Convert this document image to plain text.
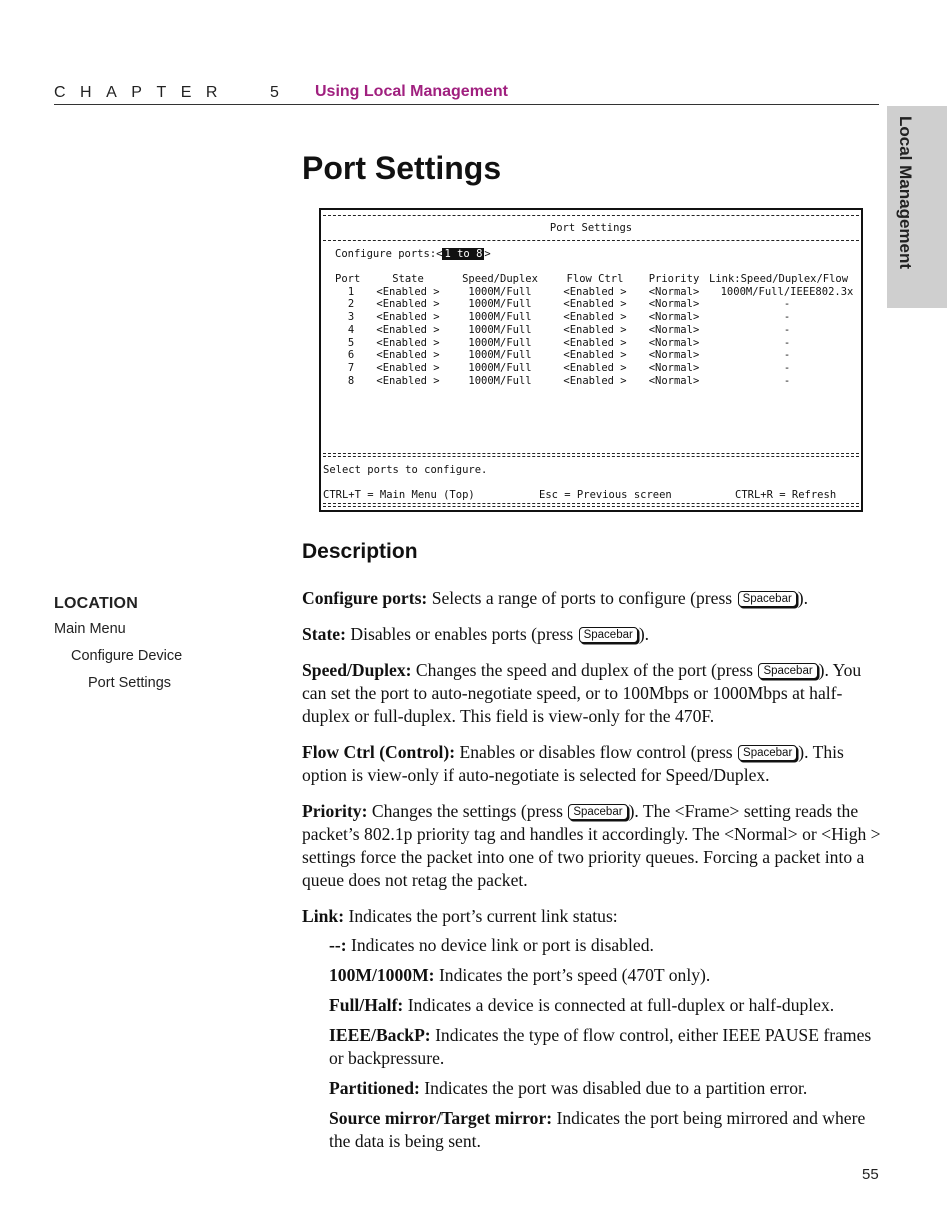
CHAPTER 5 Using Local Management
Local Management
Port Settings
Port Settings
Configure ports:< 1 to 8 >
Port	State	Speed/Duplex	Flow Ctrl	Priority	Link:Speed/Duplex/Flow
1	<Enabled >	1000M/Full	<Enabled >	<Normal>	1000M/Full/IEEE802.3x
2	<Enabled >	1000M/Full	<Enabled >	<Normal>	-
3	<Enabled >	1000M/Full	<Enabled >	<Normal>	-
4	<Enabled >	1000M/Full	<Enabled >	<Normal>	-
5	<Enabled >	1000M/Full	<Enabled >	<Normal>	-
6	<Enabled >	1000M/Full	<Enabled >	<Normal>	-
7	<Enabled >	1000M/Full	<Enabled >	<Normal>	-
8	<Enabled >	1000M/Full	<Enabled >	<Normal>	-
Select ports to configure.
CTRL+T = Main Menu (Top)	Esc = Previous screen	CTRL+R = Refresh
Description
LOCATION
Main Menu
Configure Device
Port Settings

Configure ports: Selects a range of ports to configure (press Spacebar ).

State: Disables or enables ports (press Spacebar ).

Speed/Duplex: Changes the speed and duplex of the port (press Spacebar ). You can set the port to auto-negotiate speed, or to 100Mbps or 1000Mbps at half-duplex or full-duplex. This field is view-only for the 470F.

Flow Ctrl (Control): Enables or disables flow control (press Spacebar ). This option is view-only if auto-negotiate is selected for Speed/Duplex.

Priority: Changes the settings (press Spacebar ). The <Frame> setting reads the packet’s 802.1p priority tag and handles it accordingly. The <Normal> or <High > settings force the packet into one of two priority queues. Forcing a packet into a queue does not retag the packet.

Link: Indicates the port’s current link status:

--: Indicates no device link or port is disabled.

100M/1000M: Indicates the port’s speed (470T only).

Full/Half: Indicates a device is connected at full-duplex or half-duplex.

IEEE/BackP: Indicates the type of flow control, either IEEE PAUSE frames or backpressure.

Partitioned: Indicates the port was disabled due to a partition error.

Source mirror/Target mirror: Indicates the port being mirrored and where the data is being sent.

55
